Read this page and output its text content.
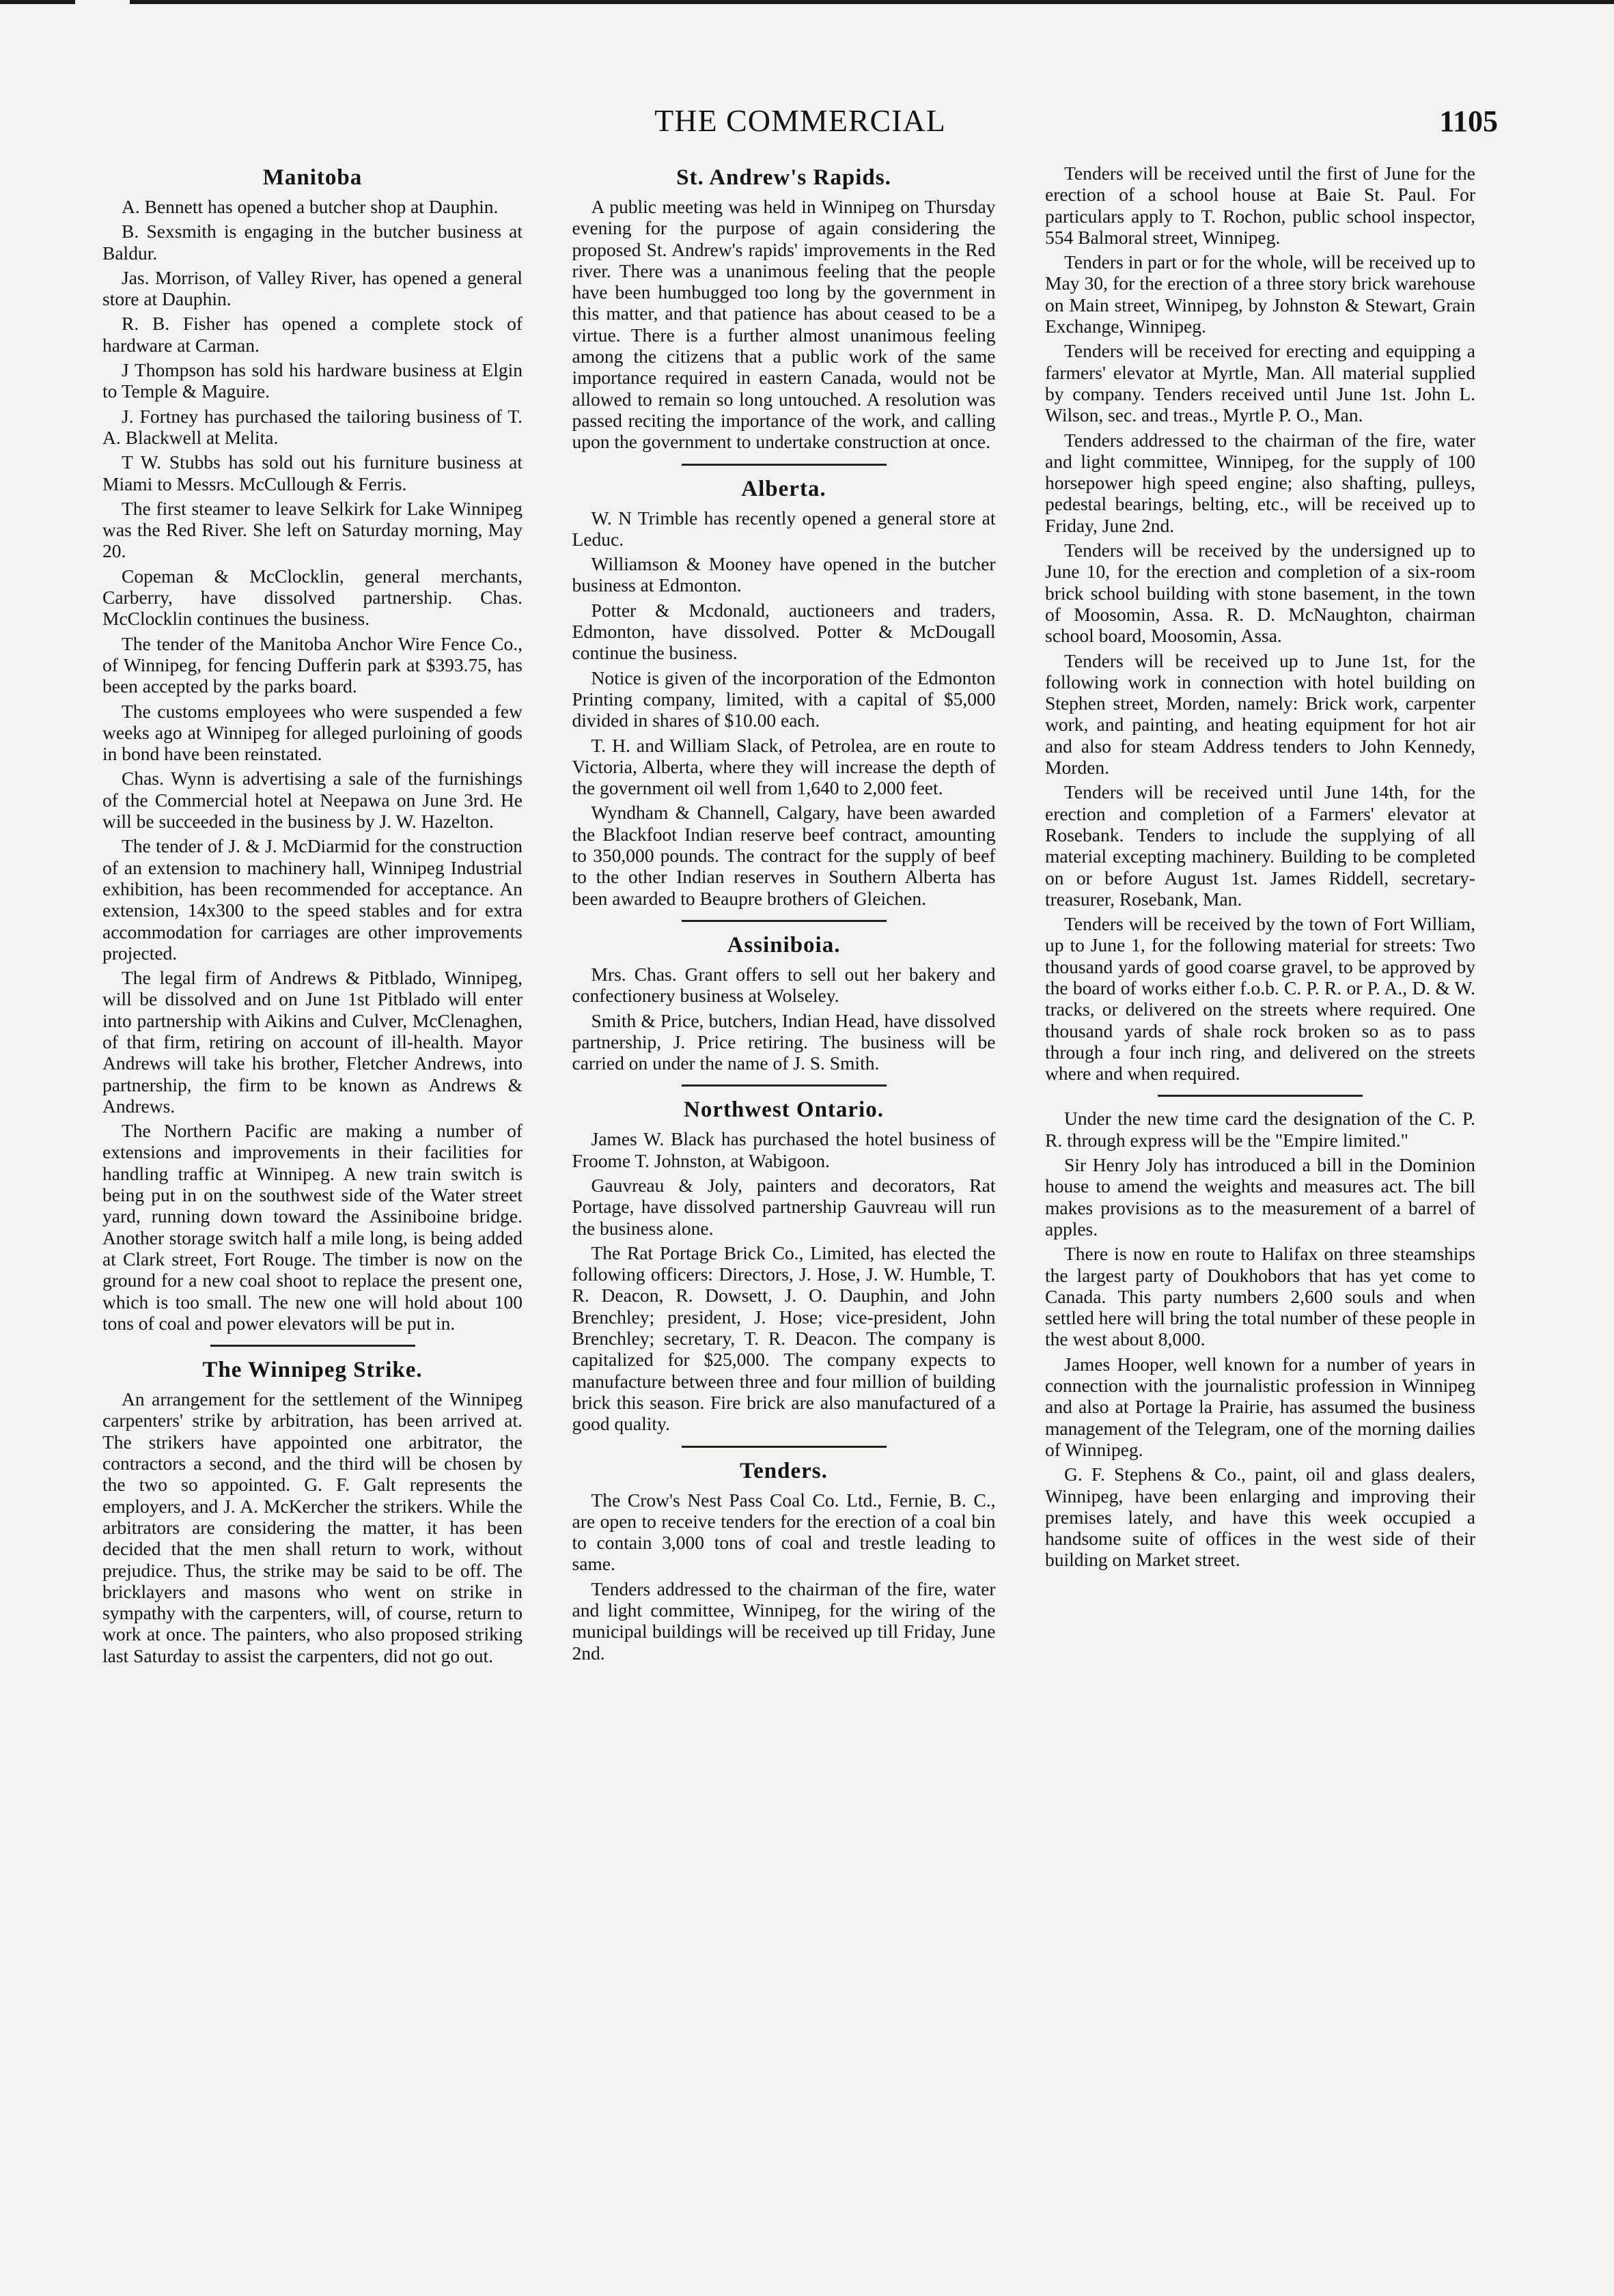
THE COMMERCIAL	1105
Manitoba

A. Bennett has opened a butcher shop at Dauphin.

B. Sexsmith is engaging in the butcher business at Baldur.

Jas. Morrison, of Valley River, has opened a general store at Dauphin.

R. B. Fisher has opened a complete stock of hardware at Carman.

J Thompson has sold his hardware business at Elgin to Temple & Maguire.

J. Fortney has purchased the tailoring business of T. A. Blackwell at Melita.

T W. Stubbs has sold out his furniture business at Miami to Messrs. McCullough & Ferris.

The first steamer to leave Selkirk for Lake Winnipeg was the Red River. She left on Saturday morning, May 20.

Copeman & McClocklin, general merchants, Carberry, have dissolved partnership. Chas. McClocklin continues the business.

The tender of the Manitoba Anchor Wire Fence Co., of Winnipeg, for fencing Dufferin park at $393.75, has been accepted by the parks board.

The customs employees who were suspended a few weeks ago at Winnipeg for alleged purloining of goods in bond have been reinstated.

Chas. Wynn is advertising a sale of the furnishings of the Commercial hotel at Neepawa on June 3rd. He will be succeeded in the business by J. W. Hazelton.

The tender of J. & J. McDiarmid for the construction of an extension to machinery hall, Winnipeg Industrial exhibition, has been recommended for acceptance. An extension, 14x300 to the speed stables and for extra accommodation for carriages are other improvements projected.

The legal firm of Andrews & Pitblado, Winnipeg, will be dissolved and on June 1st Pitblado will enter into partnership with Aikins and Culver, McClenaghen, of that firm, retiring on account of ill-health. Mayor Andrews will take his brother, Fletcher Andrews, into partnership, the firm to be known as Andrews & Andrews.

The Northern Pacific are making a number of extensions and improvements in their facilities for handling traffic at Winnipeg. A new train switch is being put in on the southwest side of the Water street yard, running down toward the Assiniboine bridge. Another storage switch half a mile long, is being added at Clark street, Fort Rouge. The timber is now on the ground for a new coal shoot to replace the present one, which is too small. The new one will hold about 100 tons of coal and power elevators will be put in.

The Winnipeg Strike.

An arrangement for the settlement of the Winnipeg carpenters' strike by arbitration, has been arrived at. The strikers have appointed one arbitrator, the contractors a second, and the third will be chosen by the two so appointed. G. F. Galt represents the employers, and J. A. McKercher the strikers. While the arbitrators are considering the matter, it has been decided that the men shall return to work, without prejudice. Thus, the strike may be said to be off. The bricklayers and masons who went on strike in sympathy with the carpenters, will, of course, return to work at once. The painters, who also proposed striking last Saturday to assist the carpenters, did not go out.

St. Andrew's Rapids.

A public meeting was held in Winnipeg on Thursday evening for the purpose of again considering the proposed St. Andrew's rapids' improvements in the Red river. There was a unanimous feeling that the people have been humbugged too long by the government in this matter, and that patience has about ceased to be a virtue. There is a further almost unanimous feeling among the citizens that a public work of the same importance required in eastern Canada, would not be allowed to remain so long untouched. A resolution was passed reciting the importance of the work, and calling upon the government to undertake construction at once.

Alberta.

W. N Trimble has recently opened a general store at Leduc.

Williamson & Mooney have opened in the butcher business at Edmonton.

Potter & Mcdonald, auctioneers and traders, Edmonton, have dissolved. Potter & McDougall continue the business.

Notice is given of the incorporation of the Edmonton Printing company, limited, with a capital of $5,000 divided in shares of $10.00 each.

T. H. and William Slack, of Petrolea, are en route to Victoria, Alberta, where they will increase the depth of the government oil well from 1,640 to 2,000 feet.

Wyndham & Channell, Calgary, have been awarded the Blackfoot Indian reserve beef contract, amounting to 350,000 pounds. The contract for the supply of beef to the other Indian reserves in Southern Alberta has been awarded to Beaupre brothers of Gleichen.

Assiniboia.

Mrs. Chas. Grant offers to sell out her bakery and confectionery business at Wolseley.

Smith & Price, butchers, Indian Head, have dissolved partnership, J. Price retiring. The business will be carried on under the name of J. S. Smith.

Northwest Ontario.

James W. Black has purchased the hotel business of Froome T. Johnston, at Wabigoon.

Gauvreau & Joly, painters and decorators, Rat Portage, have dissolved partnership Gauvreau will run the business alone.

The Rat Portage Brick Co., Limited, has elected the following officers: Directors, J. Hose, J. W. Humble, T. R. Deacon, R. Dowsett, J. O. Dauphin, and John Brenchley; president, J. Hose; vice-president, John Brenchley; secretary, T. R. Deacon. The company is capitalized for $25,000. The company expects to manufacture between three and four million of building brick this season. Fire brick are also manufactured of a good quality.

Tenders.

The Crow's Nest Pass Coal Co. Ltd., Fernie, B. C., are open to receive tenders for the erection of a coal bin to contain 3,000 tons of coal and trestle leading to same.

Tenders addressed to the chairman of the fire, water and light committee, Winnipeg, for the wiring of the municipal buildings will be received up till Friday, June 2nd.

Tenders will be received until the first of June for the erection of a school house at Baie St. Paul. For particulars apply to T. Rochon, public school inspector, 554 Balmoral street, Winnipeg.

Tenders in part or for the whole, will be received up to May 30, for the erection of a three story brick warehouse on Main street, Winnipeg, by Johnston & Stewart, Grain Exchange, Winnipeg.

Tenders will be received for erecting and equipping a farmers' elevator at Myrtle, Man. All material supplied by company. Tenders received until June 1st. John L. Wilson, sec. and treas., Myrtle P. O., Man.

Tenders addressed to the chairman of the fire, water and light committee, Winnipeg, for the supply of 100 horsepower high speed engine; also shafting, pulleys, pedestal bearings, belting, etc., will be received up to Friday, June 2nd.

Tenders will be received by the undersigned up to June 10, for the erection and completion of a six-room brick school building with stone basement, in the town of Moosomin, Assa. R. D. McNaughton, chairman school board, Moosomin, Assa.

Tenders will be received up to June 1st, for the following work in connection with hotel building on Stephen street, Morden, namely: Brick work, carpenter work, and painting, and heating equipment for hot air and also for steam Address tenders to John Kennedy, Morden.

Tenders will be received until June 14th, for the erection and completion of a Farmers' elevator at Rosebank. Tenders to include the supplying of all material excepting machinery. Building to be completed on or before August 1st. James Riddell, secretary-treasurer, Rosebank, Man.

Tenders will be received by the town of Fort William, up to June 1, for the following material for streets: Two thousand yards of good coarse gravel, to be approved by the board of works either f.o.b. C. P. R. or P. A., D. & W. tracks, or delivered on the streets where required. One thousand yards of shale rock broken so as to pass through a four inch ring, and delivered on the streets where and when required.

Under the new time card the designation of the C. P. R. through express will be the "Empire limited."

Sir Henry Joly has introduced a bill in the Dominion house to amend the weights and measures act. The bill makes provisions as to the measurement of a barrel of apples.

There is now en route to Halifax on three steamships the largest party of Doukhobors that has yet come to Canada. This party numbers 2,600 souls and when settled here will bring the total number of these people in the west about 8,000.

James Hooper, well known for a number of years in connection with the journalistic profession in Winnipeg and also at Portage la Prairie, has assumed the business management of the Telegram, one of the morning dailies of Winnipeg.

G. F. Stephens & Co., paint, oil and glass dealers, Winnipeg, have been enlarging and improving their premises lately, and have this week occupied a handsome suite of offices in the west side of their building on Market street.
